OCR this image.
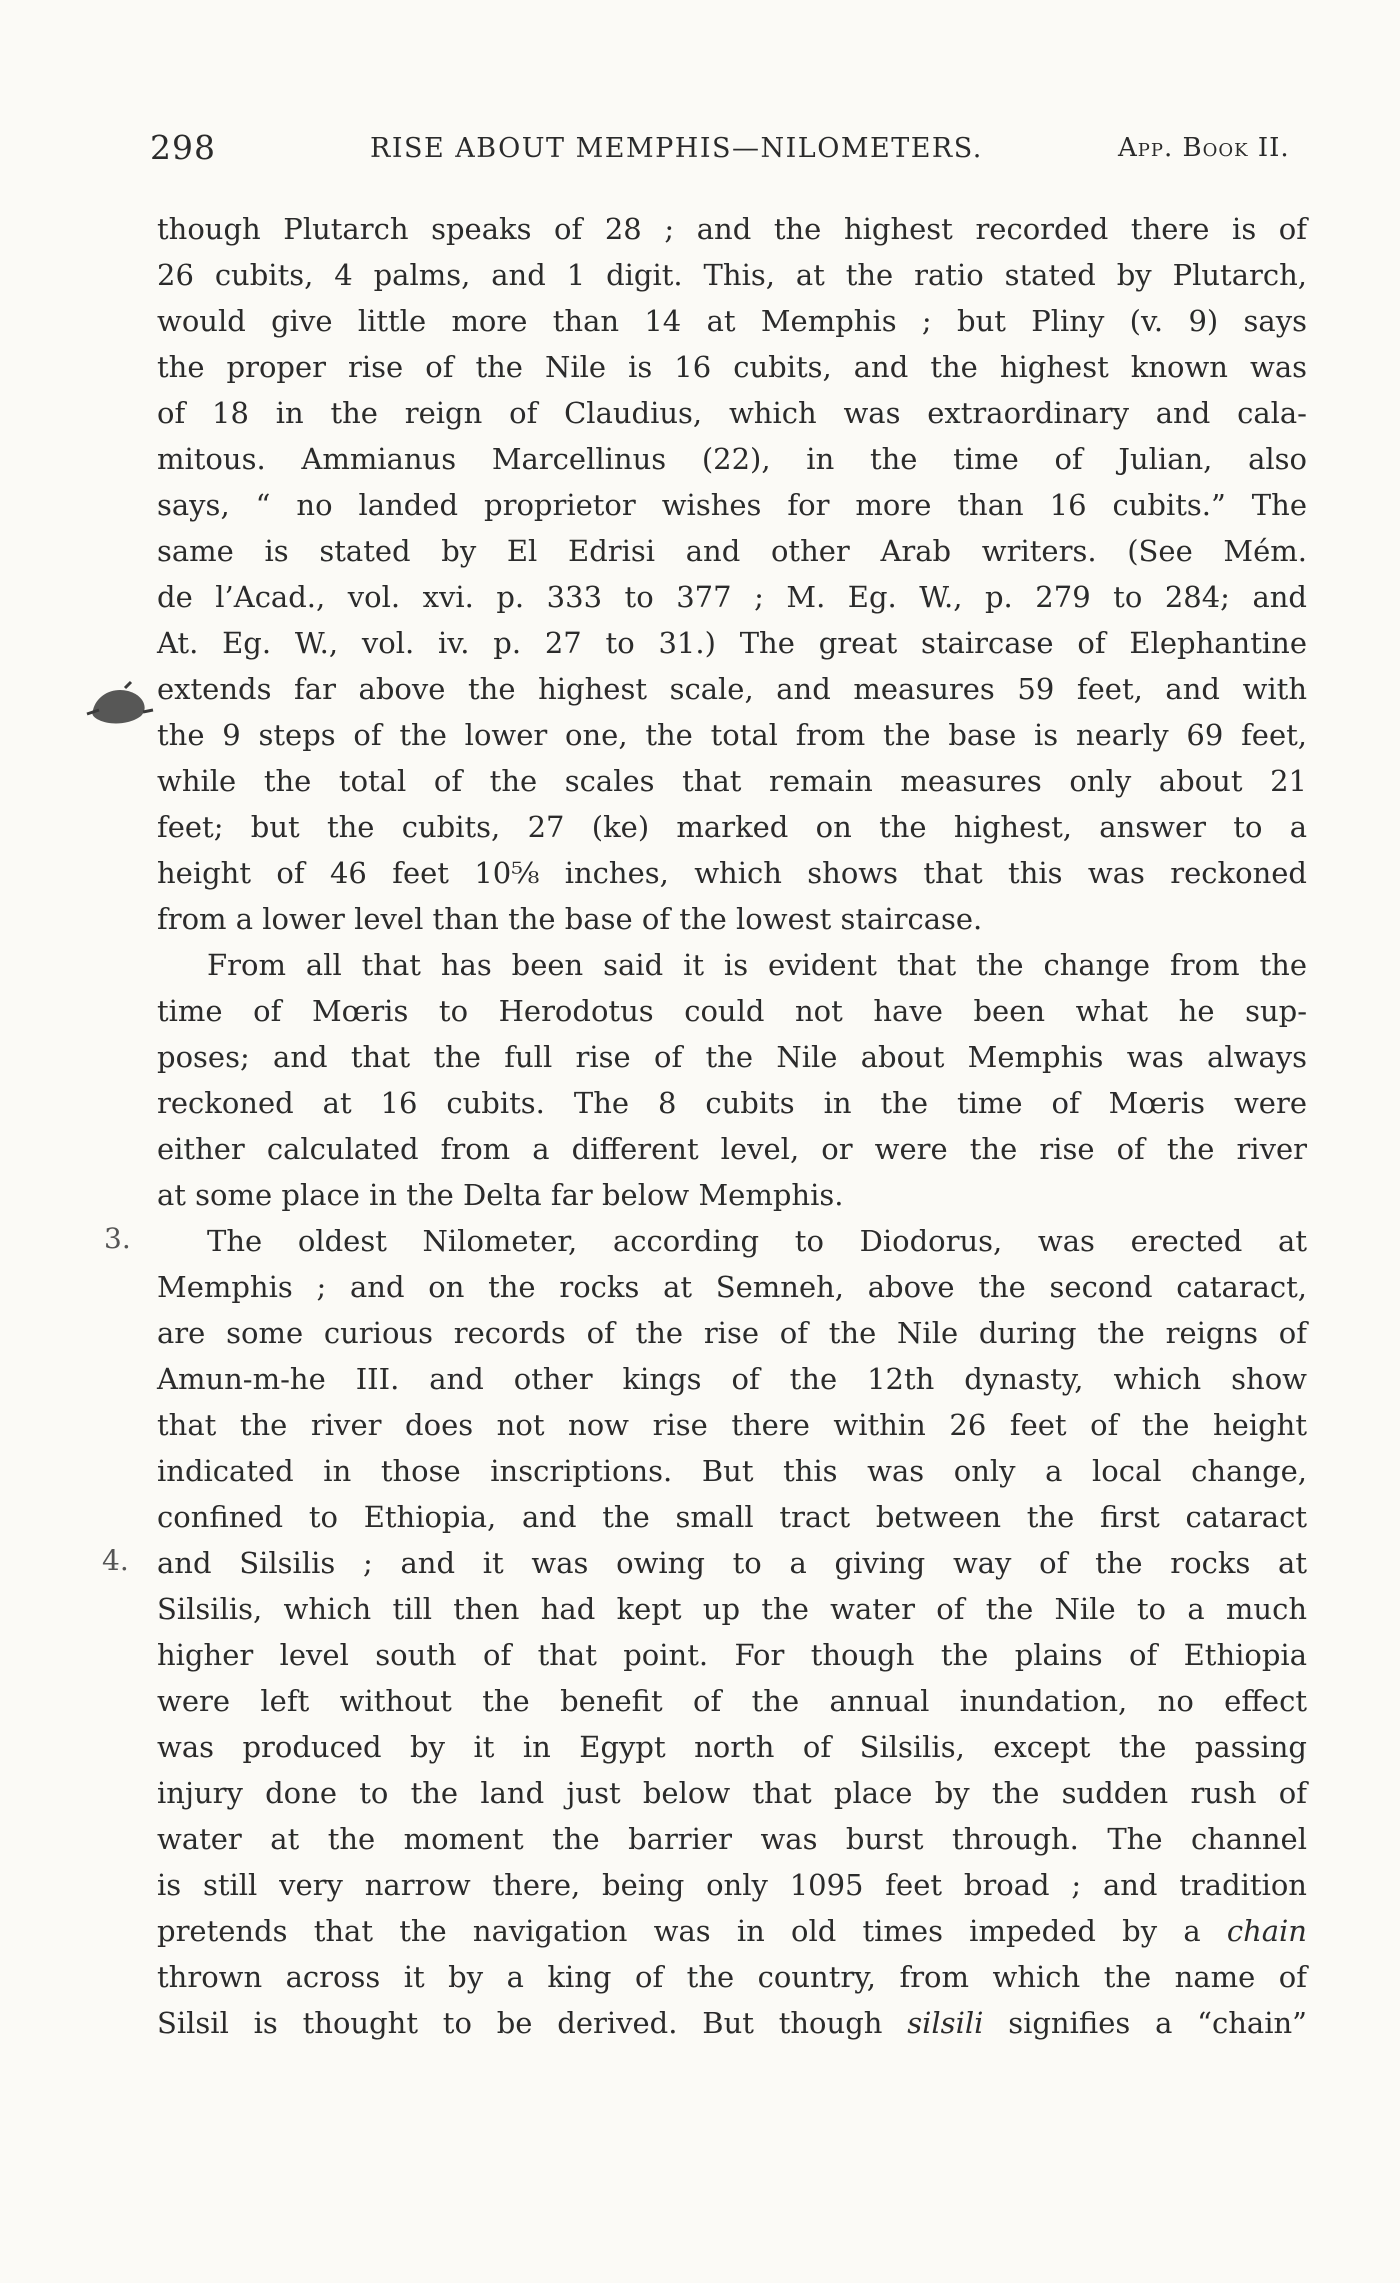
298	RISE ABOUT MEMPHIS—NILOMETERS.	App. Book II.
3.
4.
though Plutarch speaks of 28 ; and the highest recorded there is of
26 cubits, 4 palms, and 1 digit. This, at the ratio stated by Plutarch,
would give little more than 14 at Memphis ; but Pliny (v. 9) says
the proper rise of the Nile is 16 cubits, and the highest known was
of 18 in the reign of Claudius, which was extraordinary and cala-
mitous. Ammianus Marcellinus (22), in the time of Julian, also
says, “ no landed proprietor wishes for more than 16 cubits.” The
same is stated by El Edrisi and other Arab writers. (See Mém.
de l’Acad., vol. xvi. p. 333 to 377 ; M. Eg. W., p. 279 to 284; and
At. Eg. W., vol. iv. p. 27 to 31.) The great staircase of Elephantine
extends far above the highest scale, and measures 59 feet, and with
the 9 steps of the lower one, the total from the base is nearly 69 feet,
while the total of the scales that remain measures only about 21
feet; but the cubits, 27 (ke) marked on the highest, answer to a
height of 46 feet 10⅝ inches, which shows that this was reckoned
from a lower level than the base of the lowest staircase.
From all that has been said it is evident that the change from the
time of Mœris to Herodotus could not have been what he sup-
poses; and that the full rise of the Nile about Memphis was always
reckoned at 16 cubits. The 8 cubits in the time of Mœris were
either calculated from a different level, or were the rise of the river
at some place in the Delta far below Memphis.
The oldest Nilometer, according to Diodorus, was erected at
Memphis ; and on the rocks at Semneh, above the second cataract,
are some curious records of the rise of the Nile during the reigns of
Amun-m-he III. and other kings of the 12th dynasty, which show
that the river does not now rise there within 26 feet of the height
indicated in those inscriptions. But this was only a local change,
confined to Ethiopia, and the small tract between the first cataract
and Silsilis ; and it was owing to a giving way of the rocks at
Silsilis, which till then had kept up the water of the Nile to a much
higher level south of that point. For though the plains of Ethiopia
were left without the benefit of the annual inundation, no effect
was produced by it in Egypt north of Silsilis, except the passing
injury done to the land just below that place by the sudden rush of
water at the moment the barrier was burst through. The channel
is still very narrow there, being only 1095 feet broad ; and tradition
pretends that the navigation was in old times impeded by a chain
thrown across it by a king of the country, from which the name of
Silsil is thought to be derived. But though silsili signifies a “chain”
